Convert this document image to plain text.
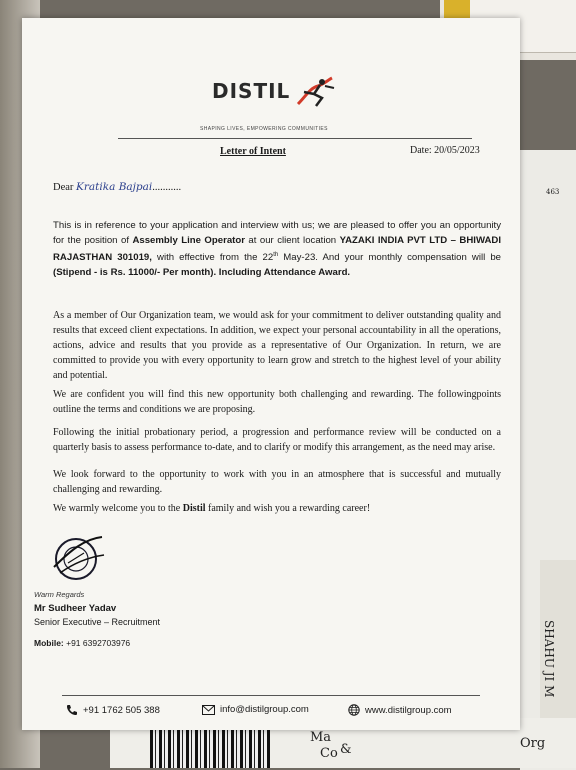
463
SHAHU JI M
Ma
Co &	Org
DISTIL
SHAPING LIVES, EMPOWERING COMMUNITIES
Letter of Intent	Date: 20/05/2023
Dear Kratika Bajpai...........
This is in reference to your application and interview with us; we are pleased to offer you an opportunity for the position of Assembly Line Operator at our client location YAZAKI INDIA PVT LTD – BHIWADI RAJASTHAN 301019, with effective from the 22th May-23. And your monthly compensation will be (Stipend - is Rs. 11000/- Per month). Including Attendance Award.
As a member of Our Organization team, we would ask for your commitment to deliver outstanding quality and results that exceed client expectations. In addition, we expect your personal accountability in all the operations, actions, advice and results that you provide as a representative of Our Organization. In return, we are committed to provide you with every opportunity to learn grow and stretch to the highest level of your ability and potential.
We are confident you will find this new opportunity both challenging and rewarding. The followingpoints outline the terms and conditions we are proposing.
Following the initial probationary period, a progression and performance review will be conducted on a quarterly basis to assess performance to-date, and to clarify or modify this arrangement, as the need may arise.
We look forward to the opportunity to work with you in an atmosphere that is successful and mutually challenging and rewarding.
We warmly welcome you to the Distil family and wish you a rewarding career!
Warm Regards
Mr Sudheer Yadav
Senior Executive – Recruitment
Mobile: +91 6392703976
+91 1762 505 388	info@distilgroup.com	www.distilgroup.com
